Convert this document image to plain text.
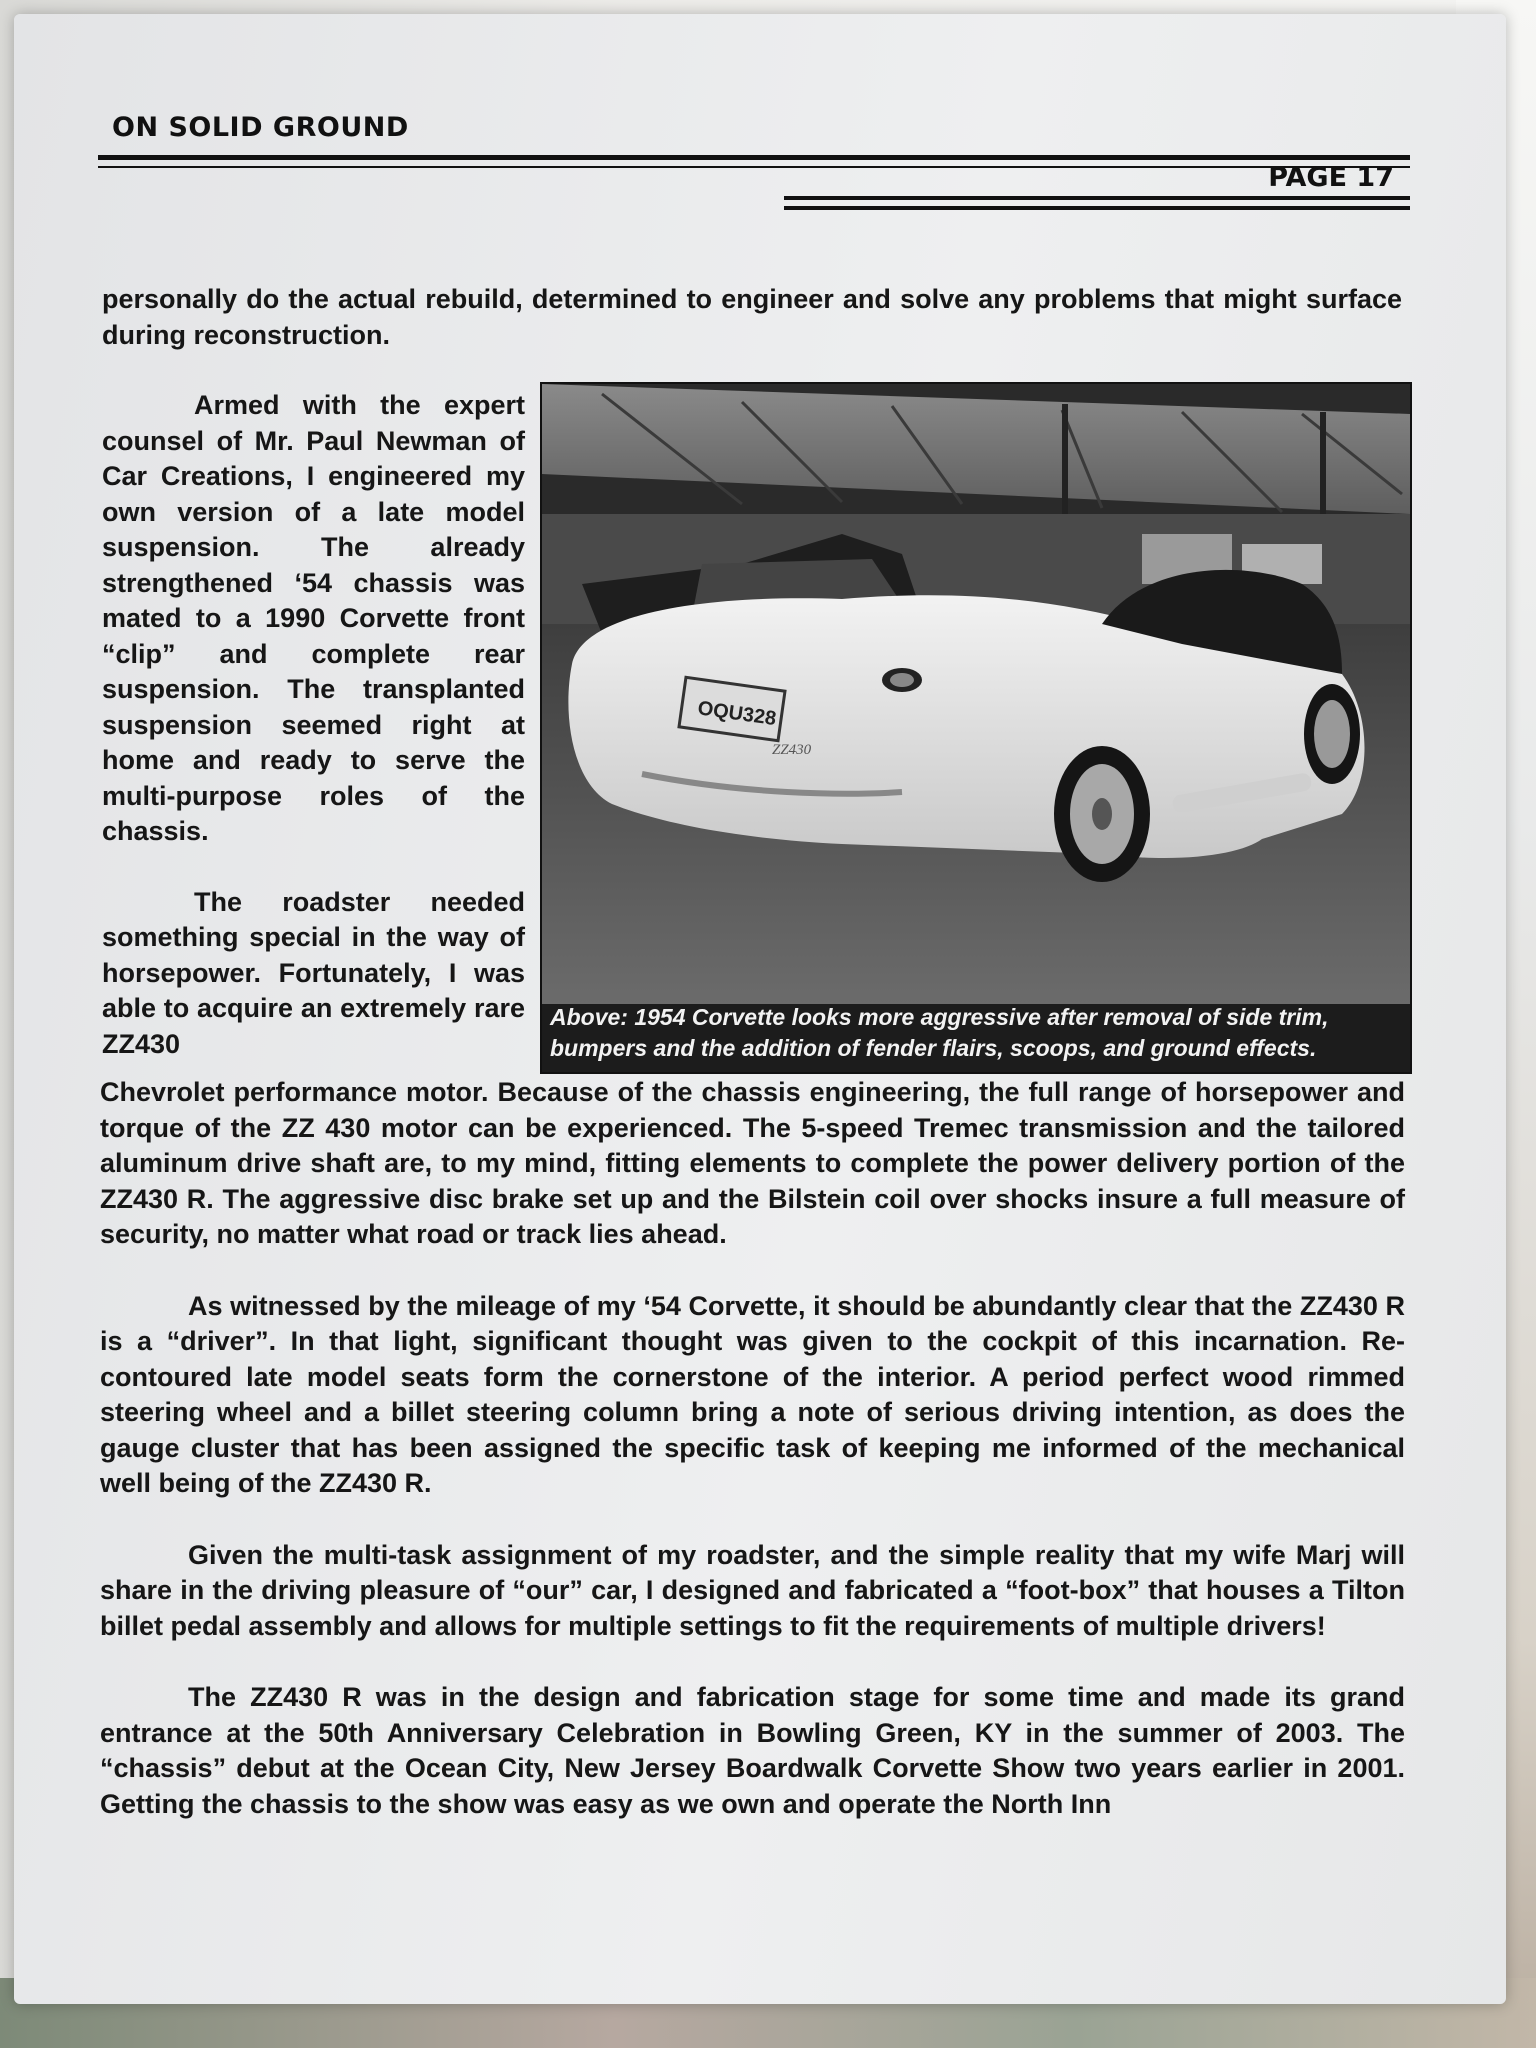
ON SOLID GROUND
PAGE 17
personally do the actual rebuild, determined to engineer and solve any problems that might surface during reconstruction.

Armed with the expert counsel of Mr. Paul Newman of Car Creations, I engineered my own version of a late model suspension. The already strengthened ‘54 chassis was mated to a 1990 Corvette front “clip” and complete rear suspension. The transplanted suspension seemed right at home and ready to serve the multi-purpose roles of the chassis.

The roadster needed something special in the way of horsepower. Fortunately, I was able to acquire an extremely rare ZZ430

OQU328
ZZ430
Above: 1954 Corvette looks more aggressive after removal of side trim, bumpers and the addition of fender flairs, scoops, and ground effects.

Chevrolet performance motor. Because of the chassis engineering, the full range of horsepower and torque of the ZZ 430 motor can be experienced. The 5-speed Tremec transmission and the tailored aluminum drive shaft are, to my mind, fitting elements to complete the power delivery portion of the ZZ430 R. The aggressive disc brake set up and the Bilstein coil over shocks insure a full measure of security, no matter what road or track lies ahead.

As witnessed by the mileage of my ‘54 Corvette, it should be abundantly clear that the ZZ430 R is a “driver”. In that light, significant thought was given to the cockpit of this incarnation. Re-contoured late model seats form the cornerstone of the interior. A period perfect wood rimmed steering wheel and a billet steering column bring a note of serious driving intention, as does the gauge cluster that has been assigned the specific task of keeping me informed of the mechanical well being of the ZZ430 R.

Given the multi-task assignment of my roadster, and the simple reality that my wife Marj will share in the driving pleasure of “our” car, I designed and fabricated a “foot-box” that houses a Tilton billet pedal assembly and allows for multiple settings to fit the requirements of multiple drivers!

The ZZ430 R was in the design and fabrication stage for some time and made its grand entrance at the 50th Anniversary Celebration in Bowling Green, KY in the summer of 2003. The “chassis” debut at the Ocean City, New Jersey Boardwalk Corvette Show two years earlier in 2001. Getting the chassis to the show was easy as we own and operate the North Inn
